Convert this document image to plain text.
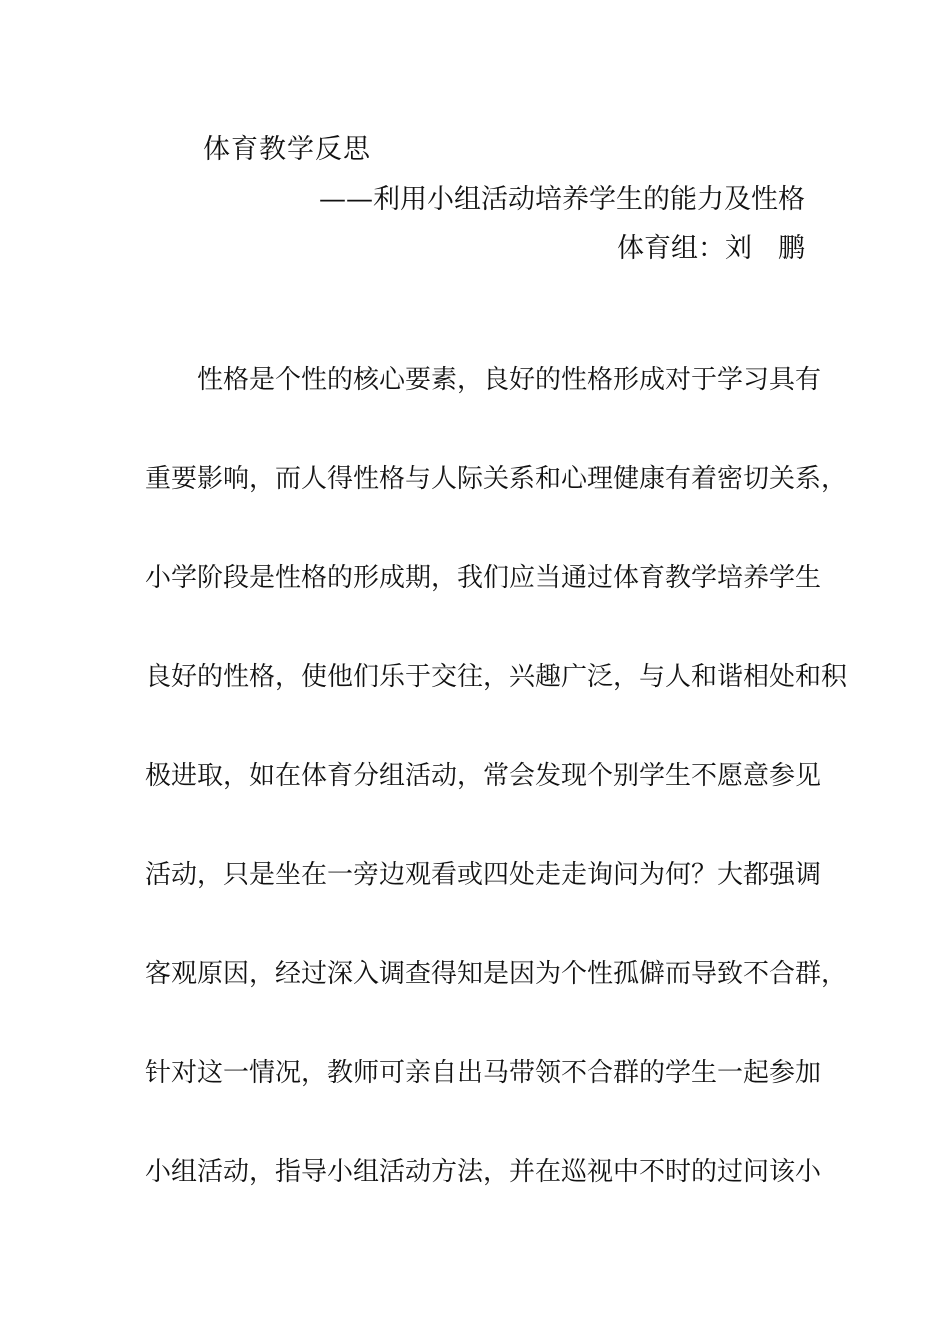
体育教学反思
——利用小组活动培养学生的能力及性格
体育组：刘 鹏
性格是个性的核心要素，良好的性格形成对于学习具有
重要影响，而人得性格与人际关系和心理健康有着密切关系，
小学阶段是性格的形成期，我们应当通过体育教学培养学生
良好的性格，使他们乐于交往，兴趣广泛，与人和谐相处和积
极进取，如在体育分组活动，常会发现个别学生不愿意参见
活动，只是坐在一旁边观看或四处走走询问为何？大都强调
客观原因，经过深入调查得知是因为个性孤僻而导致不合群，
针对这一情况，教师可亲自出马带领不合群的学生一起参加
小组活动，指导小组活动方法，并在巡视中不时的过问该小
